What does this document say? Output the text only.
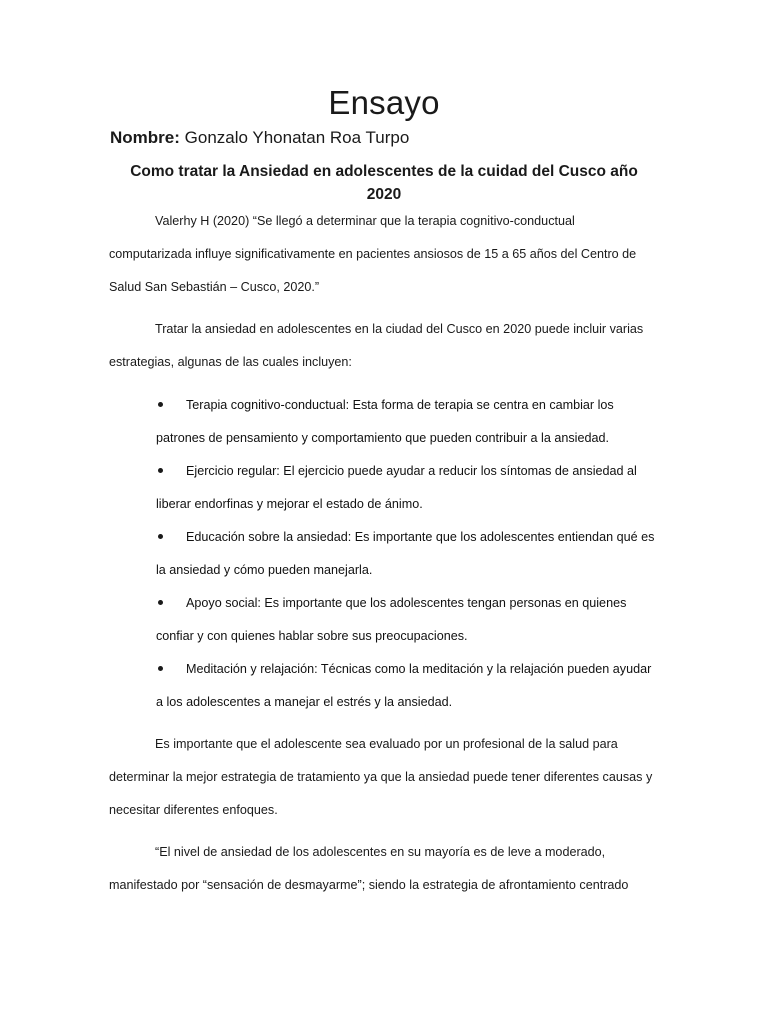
Ensayo
Nombre: Gonzalo Yhonatan Roa Turpo
Como tratar la Ansiedad en adolescentes de la cuidad del Cusco año 2020

Valerhy H (2020) “Se llegó a determinar que la terapia cognitivo-conductual computarizada influye significativamente en pacientes ansiosos de 15 a 65 años del Centro de Salud San Sebastián – Cusco, 2020.”

Tratar la ansiedad en adolescentes en la ciudad del Cusco en 2020 puede incluir varias estrategias, algunas de las cuales incluyen:

Terapia cognitivo-conductual: Esta forma de terapia se centra en cambiar los patrones de pensamiento y comportamiento que pueden contribuir a la ansiedad.
Ejercicio regular: El ejercicio puede ayudar a reducir los síntomas de ansiedad al liberar endorfinas y mejorar el estado de ánimo.
Educación sobre la ansiedad: Es importante que los adolescentes entiendan qué es la ansiedad y cómo pueden manejarla.
Apoyo social: Es importante que los adolescentes tengan personas en quienes confiar y con quienes hablar sobre sus preocupaciones.
Meditación y relajación: Técnicas como la meditación y la relajación pueden ayudar a los adolescentes a manejar el estrés y la ansiedad.

Es importante que el adolescente sea evaluado por un profesional de la salud para determinar la mejor estrategia de tratamiento ya que la ansiedad puede tener diferentes causas y necesitar diferentes enfoques.

“El nivel de ansiedad de los adolescentes en su mayoría es de leve a moderado, manifestado por “sensación de desmayarme”; siendo la estrategia de afrontamiento centrado
